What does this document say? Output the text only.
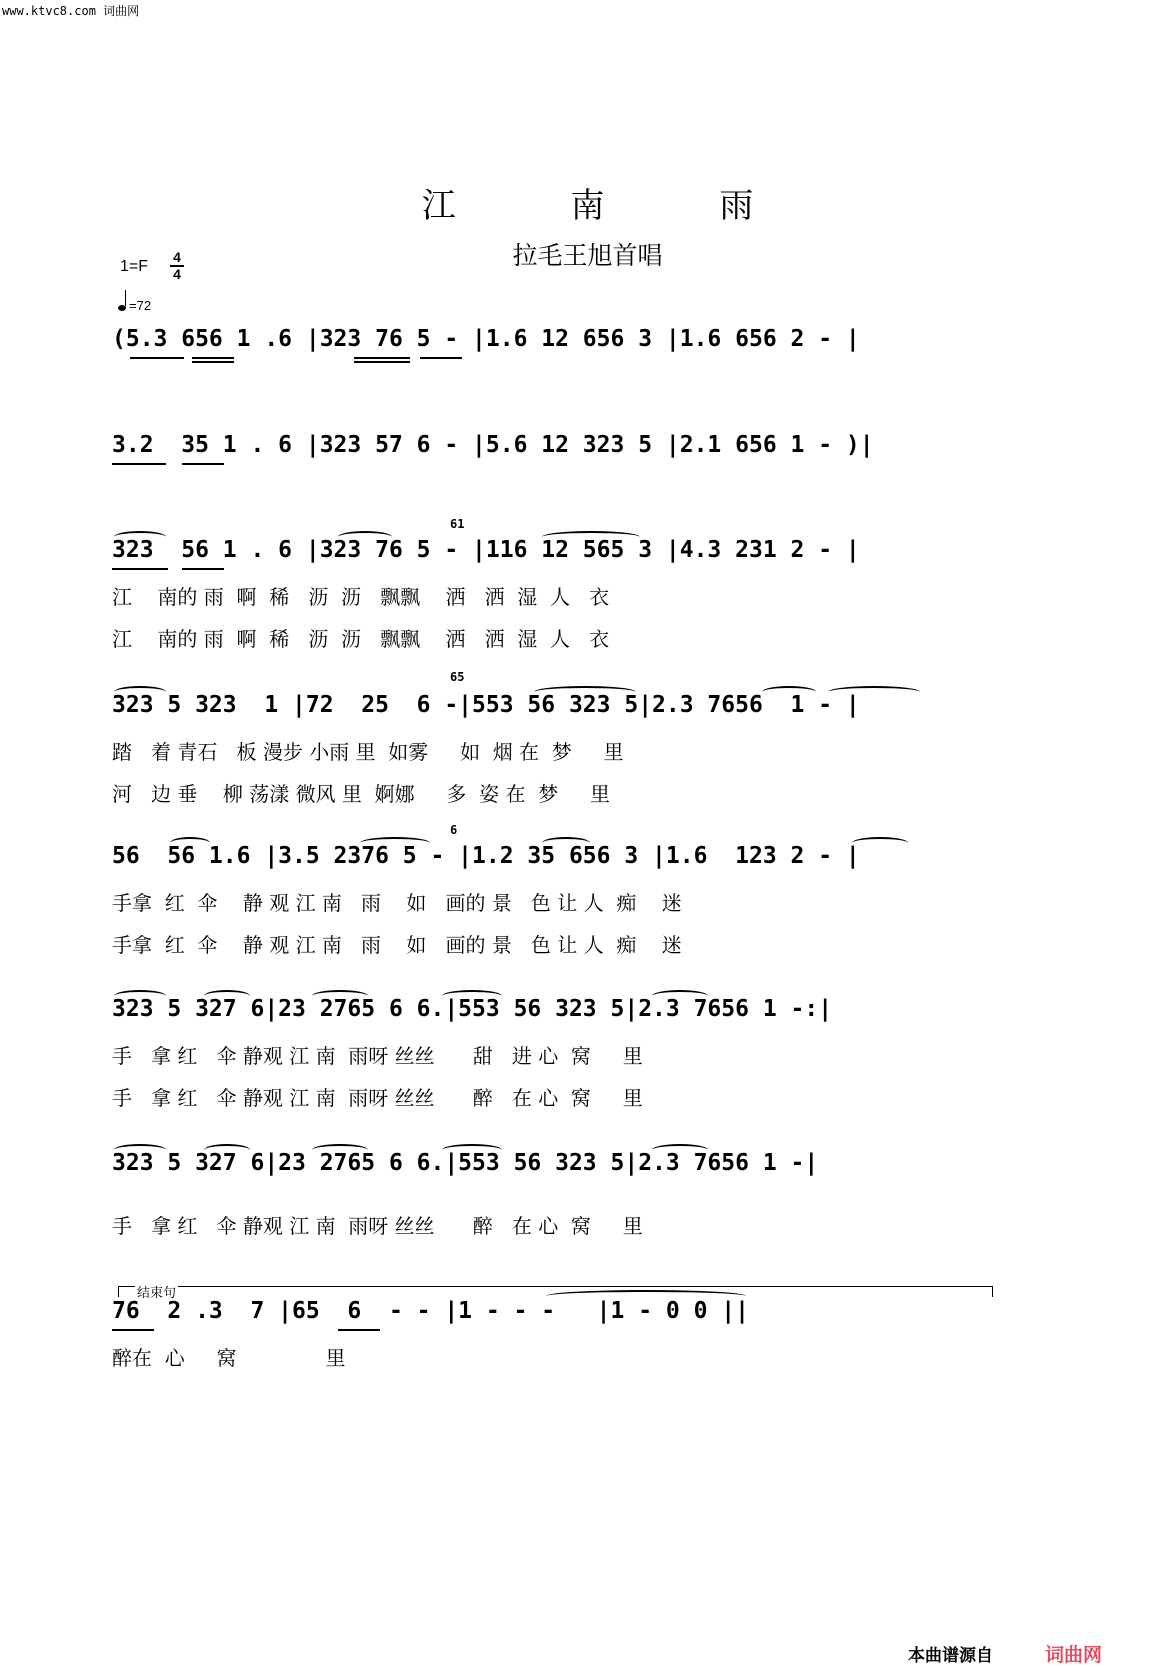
www.ktvc8.com 词曲网
江	南	雨
拉毛王旭首唱
1=F
4
4
=72
(5.3 656 1 .6 |323 76 5 - |1.6 12 656 3 |1.6 656 2 - |
3.2  35 1 . 6 |323 57 6 - |5.6 12 323 5 |2.1 656 1 - )|
61
323  56 1 . 6 |323 76 5 - |116 12 565 3 |4.3 231 2 - |
江    南的 雨  啊  稀   沥  沥   飘飘    洒   洒  湿  人   衣
江    南的 雨  啊  稀   沥  沥   飘飘    洒   洒  湿  人   衣
65
323 5 323  1 |72  25  6 -|553 56 323 5|2.3 7656  1 - |
踏   着 青石   板 漫步 小雨 里  如雾     如  烟 在  梦     里
河   边 垂    柳 荡漾 微风 里  婀娜     多  姿 在  梦     里
6
56  56 1.6 |3.5 2376 5 - |1.2 35 656 3 |1.6  123 2 - |
手拿  红  伞    静 观 江 南   雨    如   画的 景   色 让 人  痴    迷
手拿  红  伞    静 观 江 南   雨    如   画的 景   色 让 人  痴    迷
323 5 327 6|23 2765 6 6.|553 56 323 5|2.3 7656 1 -:|
手   拿 红   伞 静观 江 南  雨呀 丝丝      甜   进 心  窝     里
手   拿 红   伞 静观 江 南  雨呀 丝丝      醉   在 心  窝     里
323 5 327 6|23 2765 6 6.|553 56 323 5|2.3 7656 1 -|
手   拿 红   伞 静观 江 南  雨呀 丝丝      醉   在 心  窝     里
结束句
76  2 .3  7 |65  6  - - |1 - - -   |1 - 0 0 ||
醉在  心     窝              里
本曲谱源自	词曲网
